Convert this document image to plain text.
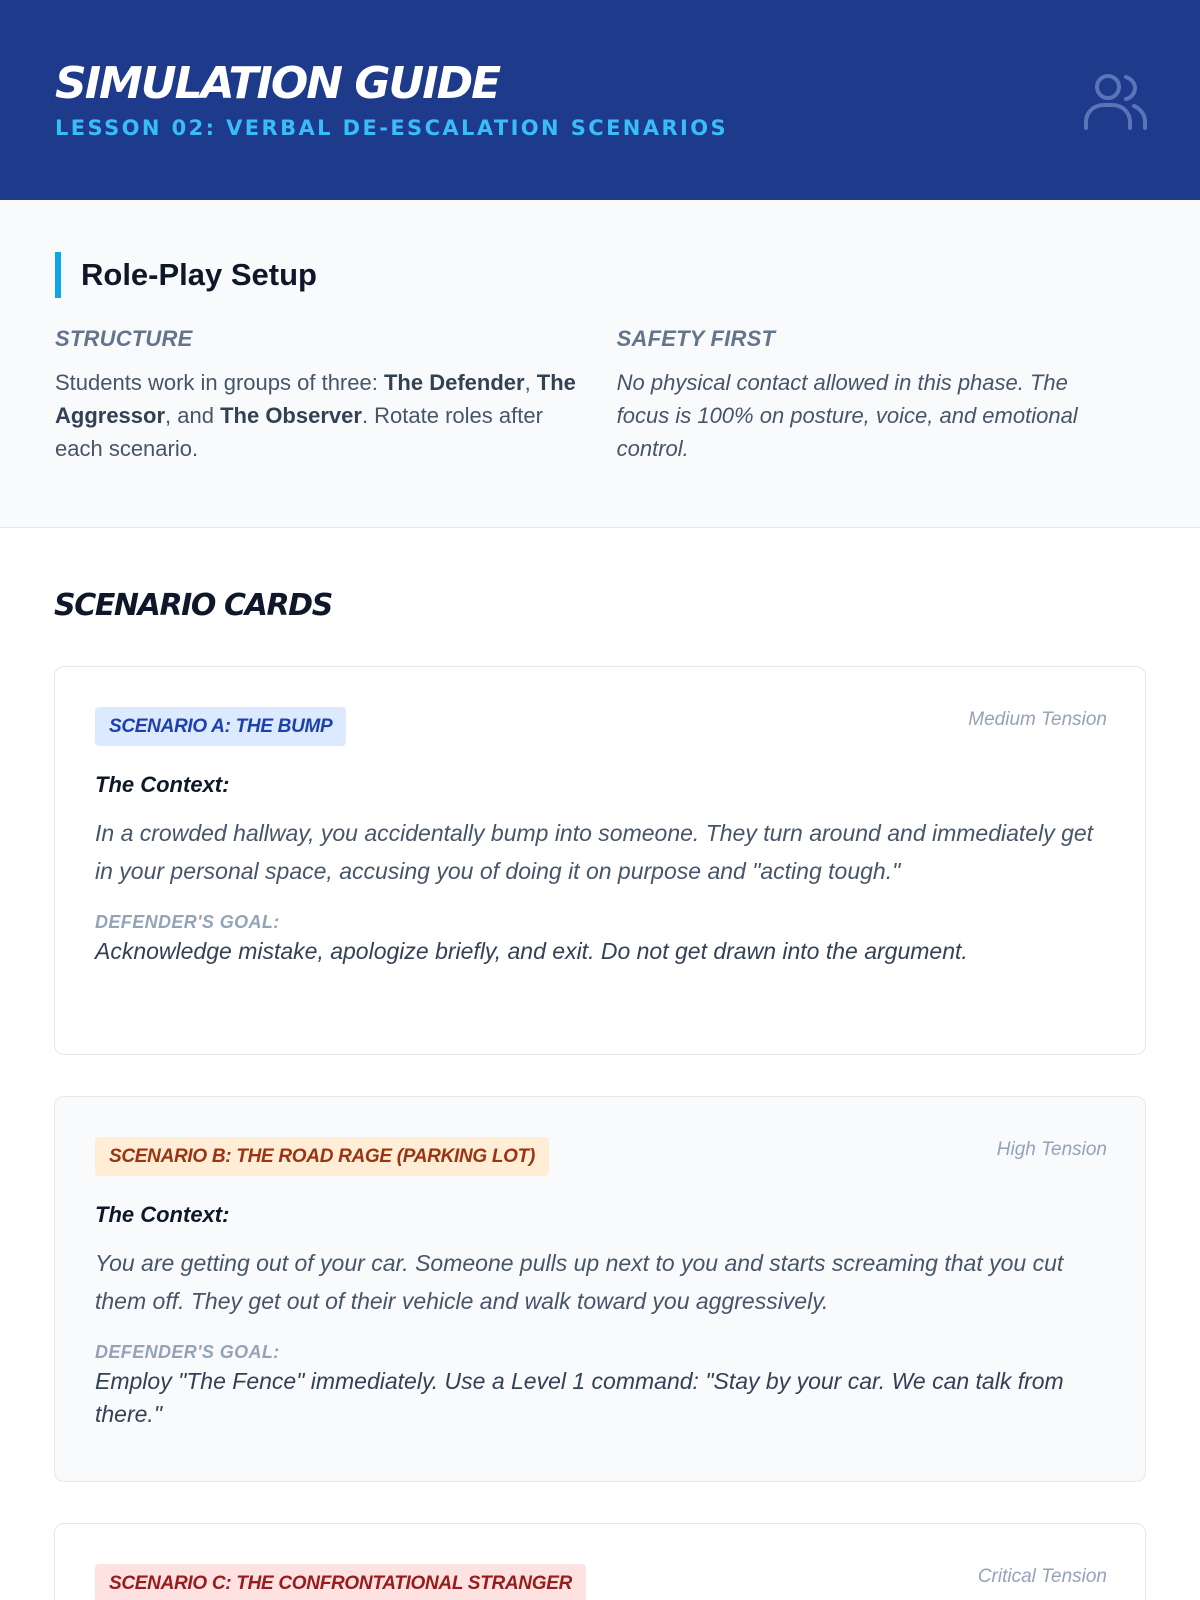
SIMULATION GUIDE
LESSON 02: VERBAL DE-ESCALATION SCENARIOS
Role-Play Setup
STRUCTURE
Students work in groups of three: The Defender, The Aggressor, and The Observer. Rotate roles after each scenario.
SAFETY FIRST
No physical contact allowed in this phase. The focus is 100% on posture, voice, and emotional control.
SCENARIO CARDS
SCENARIO A: THE BUMP	Medium Tension
The Context:
In a crowded hallway, you accidentally bump into someone. They turn around and immediately get in your personal space, accusing you of doing it on purpose and "acting tough."
DEFENDER'S GOAL:
Acknowledge mistake, apologize briefly, and exit. Do not get drawn into the argument.
SCENARIO B: THE ROAD RAGE (PARKING LOT)	High Tension
The Context:
You are getting out of your car. Someone pulls up next to you and starts screaming that you cut them off. They get out of their vehicle and walk toward you aggressively.
DEFENDER'S GOAL:
Employ "The Fence" immediately. Use a Level 1 command: "Stay by your car. We can talk from there."
SCENARIO C: THE CONFRONTATIONAL STRANGER	Critical Tension
